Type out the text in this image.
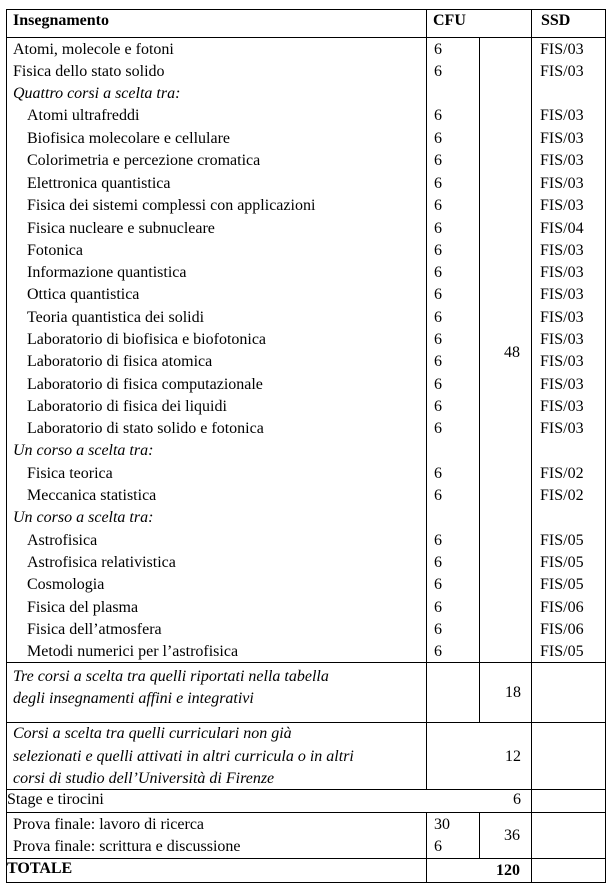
Insegnamento	CFU	SSD
Atomi, molecole e fotoni	6	FIS/03
Fisica dello stato solido	6	FIS/03
Quattro corsi a scelta tra:
Atomi ultrafreddi	6	FIS/03
Biofisica molecolare e cellulare	6	FIS/03
Colorimetria e percezione cromatica	6	FIS/03
Elettronica quantistica	6	FIS/03
Fisica dei sistemi complessi con applicazioni	6	FIS/03
Fisica nucleare e subnucleare	6	FIS/04
Fotonica	6	FIS/03
Informazione quantistica	6	FIS/03
Ottica quantistica	6	FIS/03
Teoria quantistica dei solidi	6	FIS/03
Laboratorio di biofisica e biofotonica	6	FIS/03
Laboratorio di fisica atomica	6	FIS/03
Laboratorio di fisica computazionale	6	FIS/03
Laboratorio di fisica dei liquidi	6	FIS/03
Laboratorio di stato solido e fotonica	6	FIS/03
Un corso a scelta tra:
Fisica teorica	6	FIS/02
Meccanica statistica	6	FIS/02
Un corso a scelta tra:
Astrofisica	6	FIS/05
Astrofisica relativistica	6	FIS/05
Cosmologia	6	FIS/05
Fisica del plasma	6	FIS/06
Fisica dell’atmosfera	6	FIS/06
Metodi numerici per l’astrofisica	6	FIS/05
48
Tre corsi a scelta tra quelli riportati nella tabella
degli insegnamenti affini e integrativi	18
Corsi a scelta tra quelli curriculari non già
selezionati e quelli attivati in altri curricula o in altri
corsi di studio dell’Università di Firenze
12
Stage e tirocini	6
Prova finale: lavoro di ricerca	30
Prova finale: scrittura e discussione	6
36
TOTALE	120
